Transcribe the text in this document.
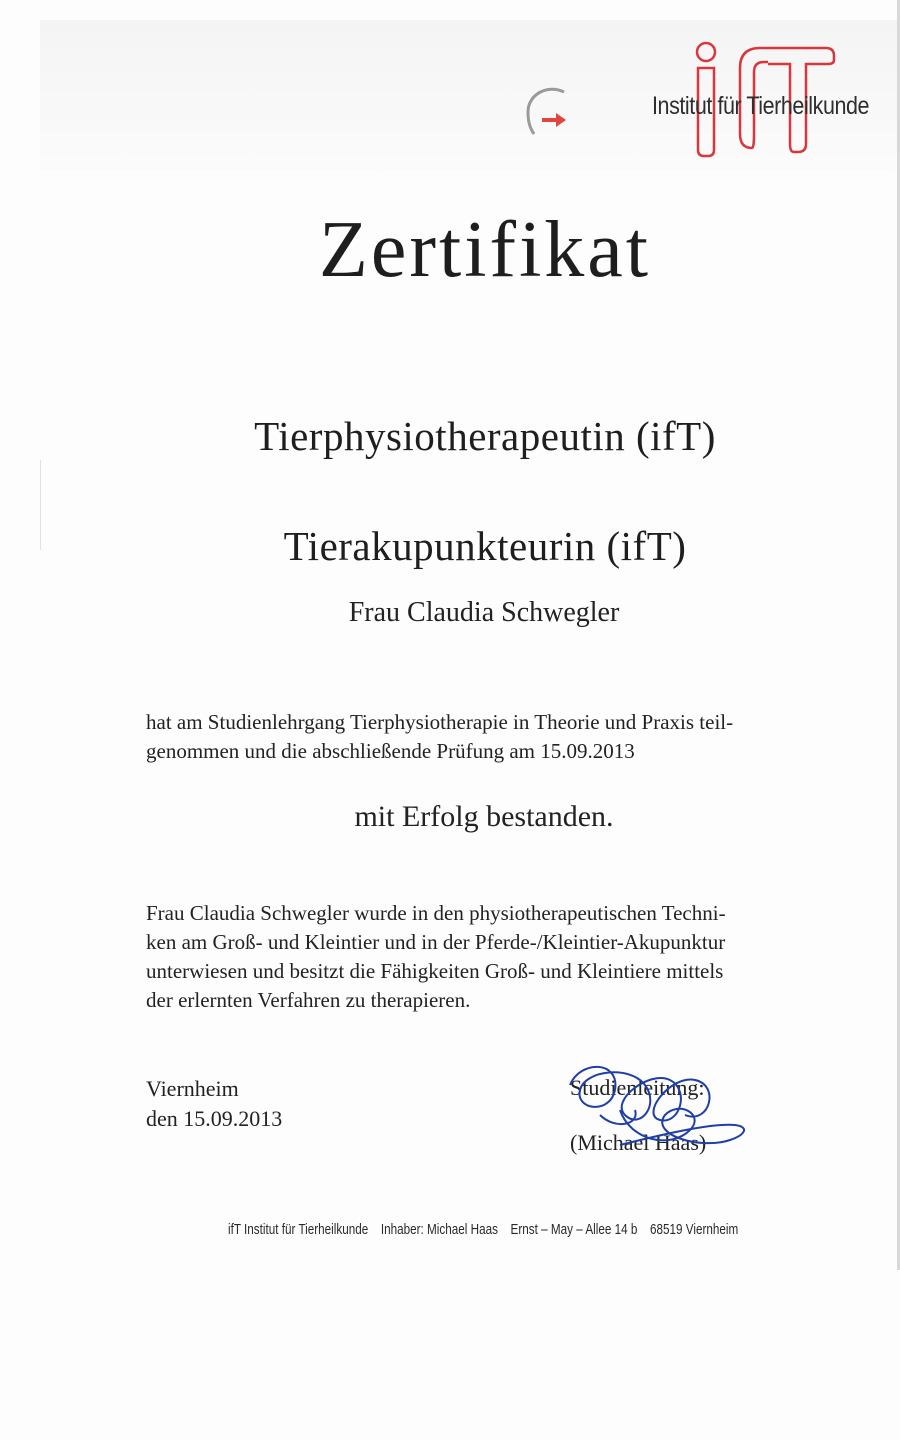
Institut für Tierheilkunde
Zertifikat
Tierphysiotherapeutin (ifT)
Tierakupunkteurin (ifT)
Frau Claudia Schwegler
hat am Studienlehrgang Tierphysiotherapie in Theorie und Praxis teil-
genommen und die abschließende Prüfung am 15.09.2013
mit Erfolg bestanden.
Frau Claudia Schwegler wurde in den physiotherapeutischen Techni-
ken am Groß- und Kleintier und in der Pferde-/Kleintier-Akupunktur
unterwiesen und besitzt die Fähigkeiten Groß- und Kleintiere mittels
der erlernten Verfahren zu therapieren.
Viernheim
den 15.09.2013
Studienleitung:
(Michael Haas)
ifT Institut für Tierheilkunde Inhaber: Michael Haas Ernst – May – Allee 14 b 68519 Viernheim
